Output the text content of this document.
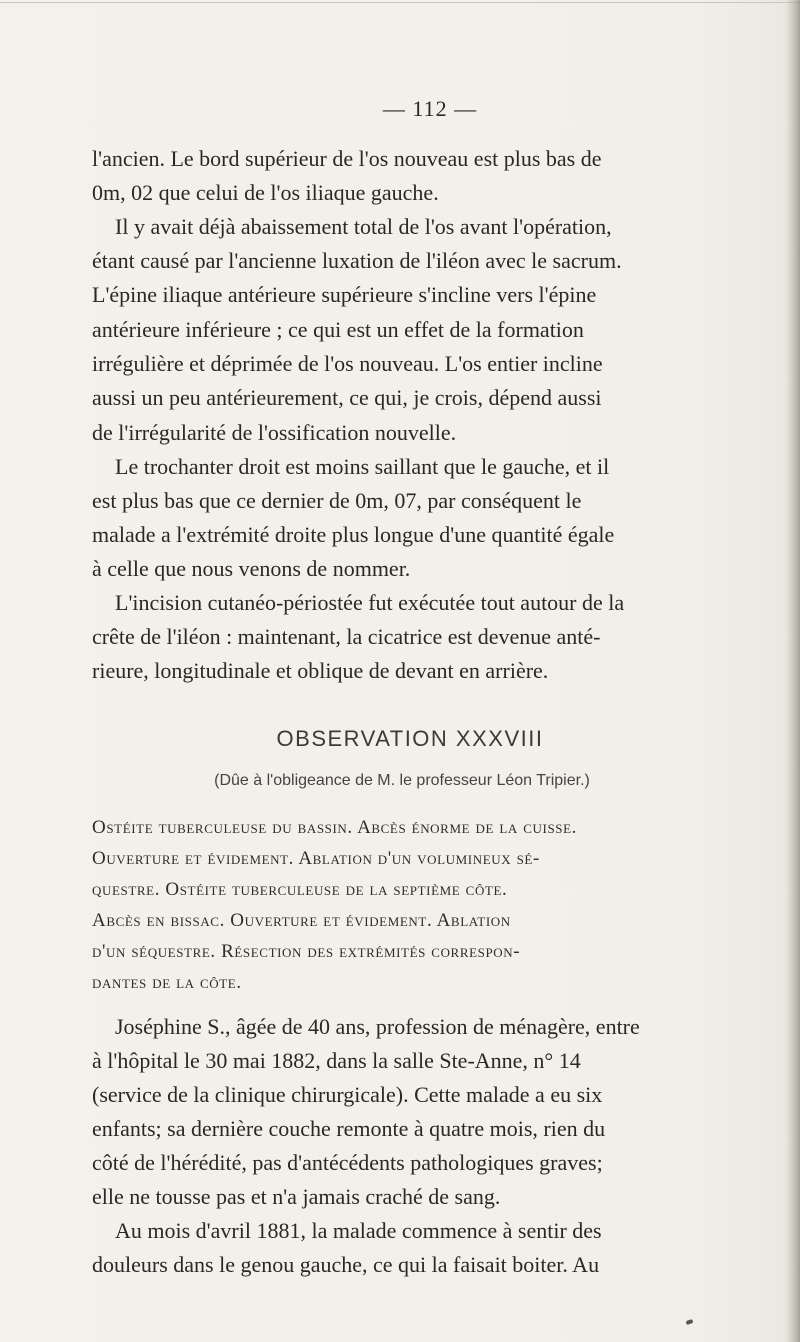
— 112 —
l'ancien. Le bord supérieur de l'os nouveau est plus bas de
0m, 02 que celui de l'os iliaque gauche.
Il y avait déjà abaissement total de l'os avant l'opération,
étant causé par l'ancienne luxation de l'iléon avec le sacrum.
L'épine iliaque antérieure supérieure s'incline vers l'épine
antérieure inférieure ; ce qui est un effet de la formation
irrégulière et déprimée de l'os nouveau. L'os entier incline
aussi un peu antérieurement, ce qui, je crois, dépend aussi
de l'irrégularité de l'ossification nouvelle.
Le trochanter droit est moins saillant que le gauche, et il
est plus bas que ce dernier de 0m, 07, par conséquent le
malade a l'extrémité droite plus longue d'une quantité égale
à celle que nous venons de nommer.
L'incision cutanéo-périostée fut exécutée tout autour de la
crête de l'iléon : maintenant, la cicatrice est devenue anté-
rieure, longitudinale et oblique de devant en arrière.
OBSERVATION XXXVIII
(Dûe à l'obligeance de M. le professeur Léon Tripier.)
Ostéite tuberculeuse du bassin. Abcès énorme de la cuisse.
Ouverture et évidement. Ablation d'un volumineux sé-
questre. Ostéite tuberculeuse de la septième côte.
Abcès en bissac. Ouverture et évidement. Ablation
d'un séquestre. Résection des extrémités correspon-
dantes de la côte.
Joséphine S., âgée de 40 ans, profession de ménagère, entre
à l'hôpital le 30 mai 1882, dans la salle Ste-Anne, n° 14
(service de la clinique chirurgicale). Cette malade a eu six
enfants; sa dernière couche remonte à quatre mois, rien du
côté de l'hérédité, pas d'antécédents pathologiques graves;
elle ne tousse pas et n'a jamais craché de sang.
Au mois d'avril 1881, la malade commence à sentir des
douleurs dans le genou gauche, ce qui la faisait boiter. Au
